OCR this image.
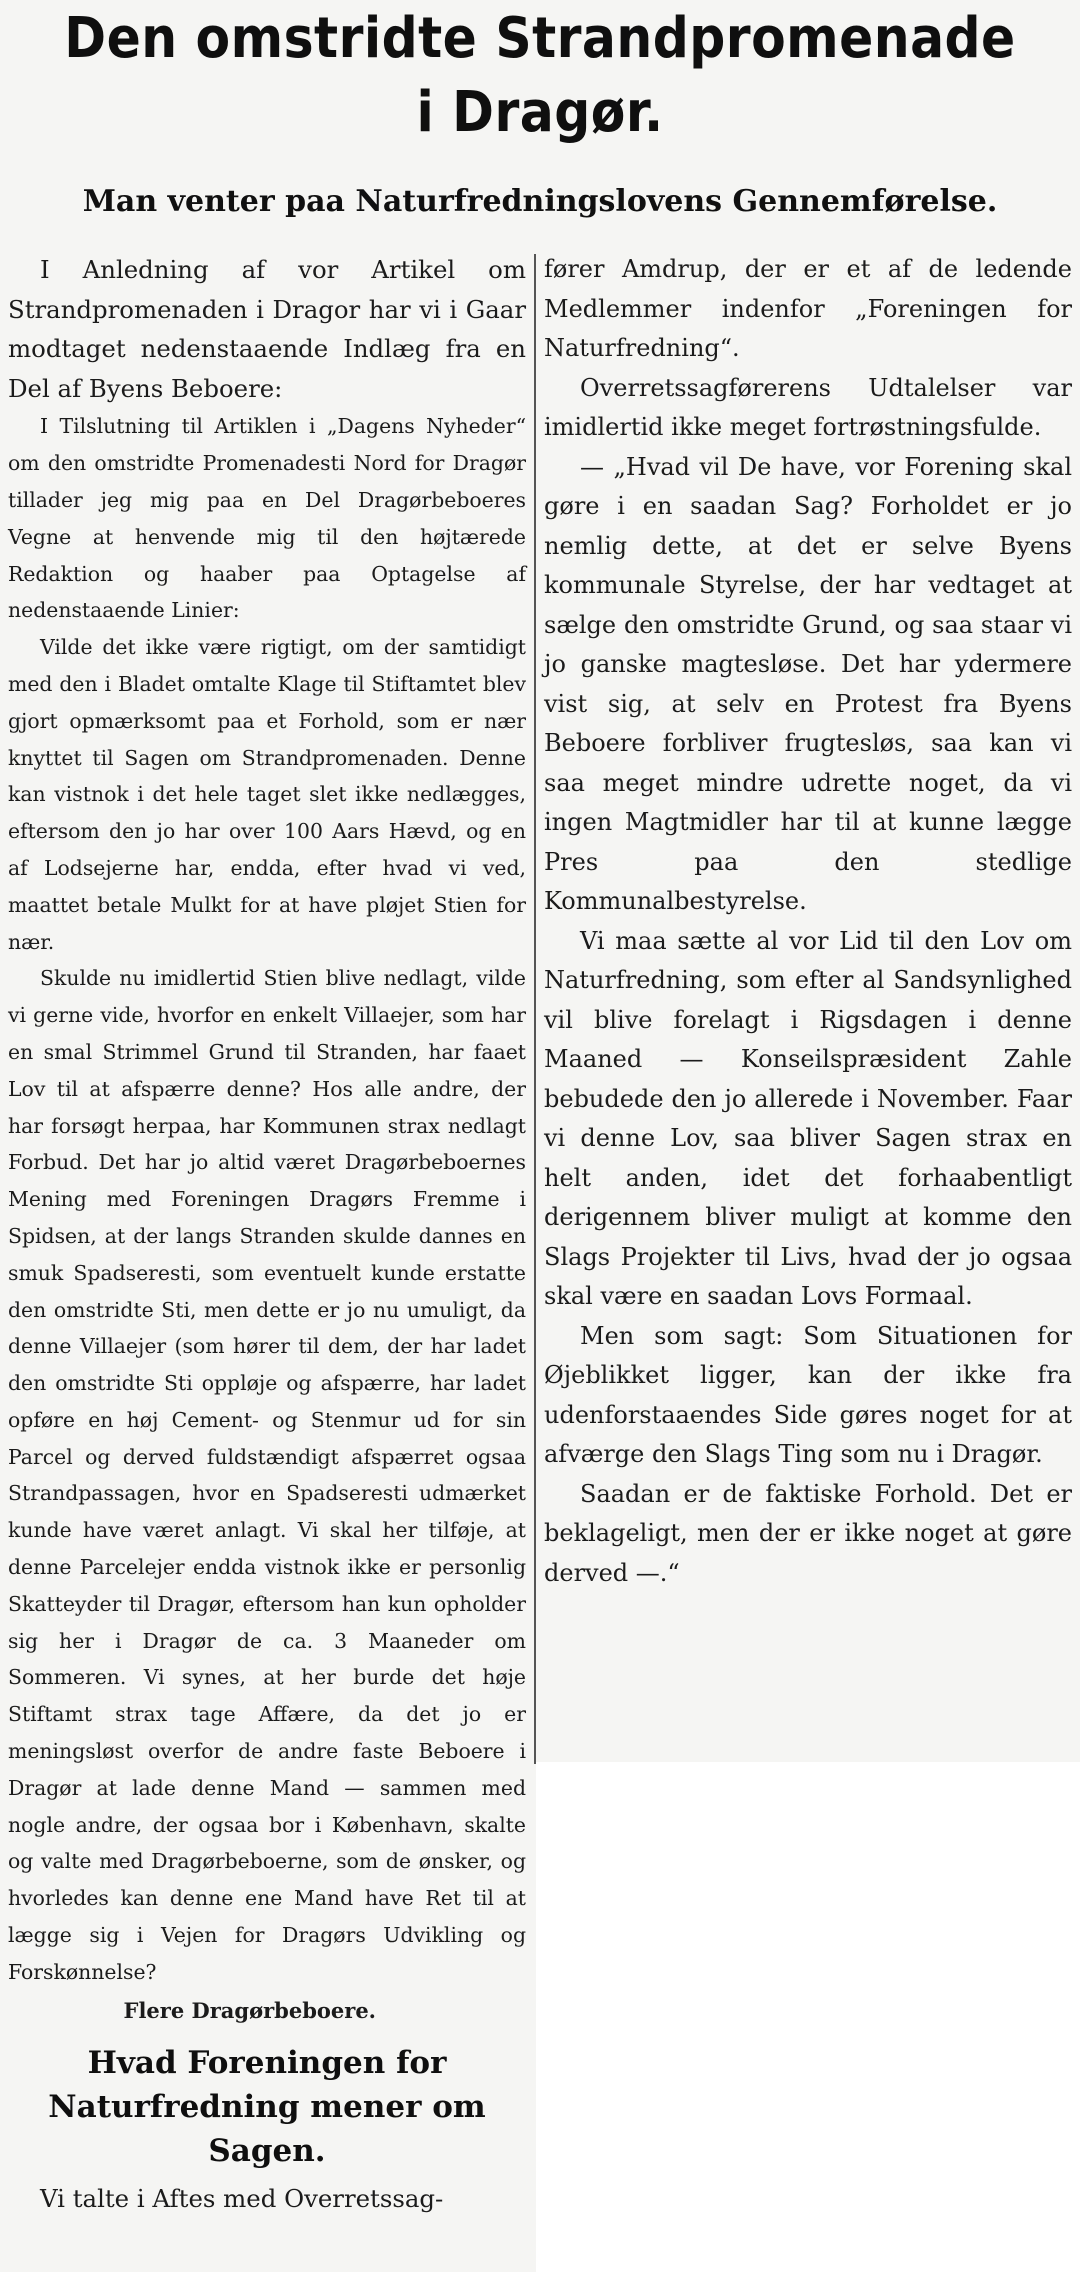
Den omstridte Strandpromenade
i Dragør.
Man venter paa Naturfredningslovens Gennemførelse.

I Anledning af vor Artikel om Strandpromenaden i Dragor har vi i Gaar modtaget nedenstaaende Indlæg fra en Del af Byens Beboere:

I Tilslutning til Artiklen i „Dagens Nyheder“ om den omstridte Promenadesti Nord for Dragør tillader jeg mig paa en Del Dragørbeboeres Vegne at henvende mig til den højtærede Redaktion og haaber paa Optagelse af nedenstaaende Linier:

Vilde det ikke være rigtigt, om der samtidigt med den i Bladet omtalte Klage til Stiftamtet blev gjort opmærksomt paa et Forhold, som er nær knyttet til Sagen om Strandpromenaden. Denne kan vistnok i det hele taget slet ikke nedlægges, eftersom den jo har over 100 Aars Hævd, og en af Lodsejerne har, endda, efter hvad vi ved, maattet betale Mulkt for at have pløjet Stien for nær.

Skulde nu imidlertid Stien blive nedlagt, vilde vi gerne vide, hvorfor en enkelt Villaejer, som har en smal Strimmel Grund til Stranden, har faaet Lov til at afspærre denne? Hos alle andre, der har forsøgt herpaa, har Kommunen strax nedlagt Forbud. Det har jo altid været Dragørbeboernes Mening med Foreningen Dragørs Fremme i Spidsen, at der langs Stranden skulde dannes en smuk Spadseresti, som eventuelt kunde erstatte den omstridte Sti, men dette er jo nu umuligt, da denne Villaejer (som hører til dem, der har ladet den omstridte Sti oppløje og afspærre, har ladet opføre en høj Cement- og Stenmur ud for sin Parcel og derved fuldstændigt afspærret ogsaa Strandpassagen, hvor en Spadseresti udmærket kunde have været anlagt. Vi skal her tilføje, at denne Parcelejer endda vistnok ikke er personlig Skatteyder til Dragør, eftersom han kun opholder sig her i Dragør de ca. 3 Maaneder om Sommeren. Vi synes, at her burde det høje Stiftamt strax tage Affære, da det jo er meningsløst overfor de andre faste Beboere i Dragør at lade denne Mand — sammen med nogle andre, der ogsaa bor i København, skalte og valte med Dragørbeboerne, som de ønsker, og hvorledes kan denne ene Mand have Ret til at lægge sig i Vejen for Dragørs Udvikling og Forskønnelse?

Flere Dragørbeboere.
Hvad Foreningen for Naturfredning mener om Sagen.

Vi talte i Aftes med Overretssag-

fører Amdrup, der er et af de ledende Medlemmer indenfor „Foreningen for Naturfredning“.

Overretssagførerens Udtalelser var imidlertid ikke meget fortrøstningsfulde.

— „Hvad vil De have, vor Forening skal gøre i en saadan Sag? Forholdet er jo nemlig dette, at det er selve Byens kommunale Styrelse, der har vedtaget at sælge den omstridte Grund, og saa staar vi jo ganske magtesløse. Det har ydermere vist sig, at selv en Protest fra Byens Beboere forbliver frugtesløs, saa kan vi saa meget mindre udrette noget, da vi ingen Magtmidler har til at kunne lægge Pres paa den stedlige Kommunalbestyrelse.

Vi maa sætte al vor Lid til den Lov om Naturfredning, som efter al Sandsynlighed vil blive forelagt i Rigsdagen i denne Maaned — Konseilspræsident Zahle bebudede den jo allerede i November. Faar vi denne Lov, saa bliver Sagen strax en helt anden, idet det forhaabentligt derigennem bliver muligt at komme den Slags Projekter til Livs, hvad der jo ogsaa skal være en saadan Lovs Formaal.

Men som sagt: Som Situationen for Øjeblikket ligger, kan der ikke fra udenforstaaendes Side gøres noget for at afværge den Slags Ting som nu i Dragør.

Saadan er de faktiske Forhold. Det er beklageligt, men der er ikke noget at gøre derved —.“
